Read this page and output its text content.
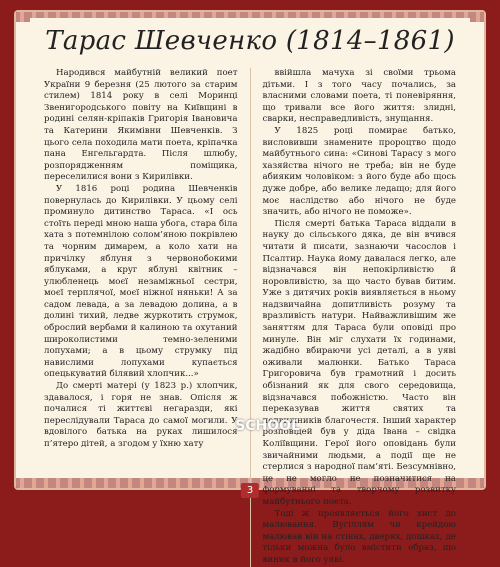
Тарас Шевченко (1814–1861)

Народився майбутній великий поет України 9 березня (25 лютого за старим стилем) 1814 року в селі Моринці Звенигородського повіту на Київщині в родині селян-кріпаків Григорія Івановича та Катерини Якимівни Шевченків. З цього села походила мати поета, кріпачка пана Енгельгардта. Після шлюбу, розпорядженням поміщика, переселилися вони з Кирилівки.

У 1816 році родина Шевченків повернулась до Кирилівки. У цьому селі проминуло дитинство Тараса. «І ось стоїть переді мною наша убога, стара біла хата з потемнілою солом’яною покрівлею та чорним димарем, а коло хати на причілку яблуня з червонобокими яблуками, а круг яблуні квітник – улюбленець моєї незаміжньої сестри, моєї терплячої, моєї ніжної няньки! А за садом левада, а за левадою долина, а в долині тихий, ледве журкотить струмок, оброслий вербами й калиною та охутаний широколистими темно-зеленими лопухами; а в цьому струмку під навислими лопухами купається опецькуватий білявий хлопчик...»

До смерті матері (у 1823 р.) хлопчик, здавалося, і горя не знав. Опісля ж почалися ті життєві негаразди, які переслідували Тараса до самої могили. У вдовілого батька на руках лишилося п’ятеро дітей, а згодом у їхню хату

ввійшла мачуха зі своїми трьома дітьми. І з того часу почались, за власними словами поета, ті поневіряння, що тривали все його життя: злидні, сварки, несправедливість, знущання.

У 1825 році помирає батько, висловивши знамените пророцтво щодо майбутнього сина: «Синові Тарасу з мого хазяйства нічого не треба; він не буде абияким чоловіком: з його буде або щось дуже добре, або велике ледащо; для його моє наслідство або нічого не буде значить, або нічого не поможе».

Після смерті батька Тараса віддали в науку до сільського дяка, де він вчився читати й писати, зазнаючи часослов і Псалтир. Наука йому давалася легко, але відзначався він непокірливістю й норовливістю, за що часто бував битим. Уже з дитячих років виявляється в ньому надзвичайна допитливість розуму та вразливість натури. Найважливішим же заняттям для Тараса були оповіді про минуле. Він міг слухати їх годинами, жадібно вбираючи усі деталі, а в уяві оживали малюнки. Батько Тараса Григоровича був грамотний і досить обізнаний як для свого середовища, відзначався побожністю. Часто він переказував життя святих та подвижників благочестя. Інший характер розповідей був у діда Івана – свідка Коліївщини. Герої його оповідань були звичайними людьми, а події ще не стерлися з народної пам’яті. Безсумнівно, це не могло не позначитися на формуванні та творчому розвитку майбутнього поета.

Тоді ж проявляється його хист до малювання. Вугіллям чи крейдою малював він на стінах, дверях, дошках, де тільки можна було вмістити образ, що виник в його уяві.

SCHOOL
3
